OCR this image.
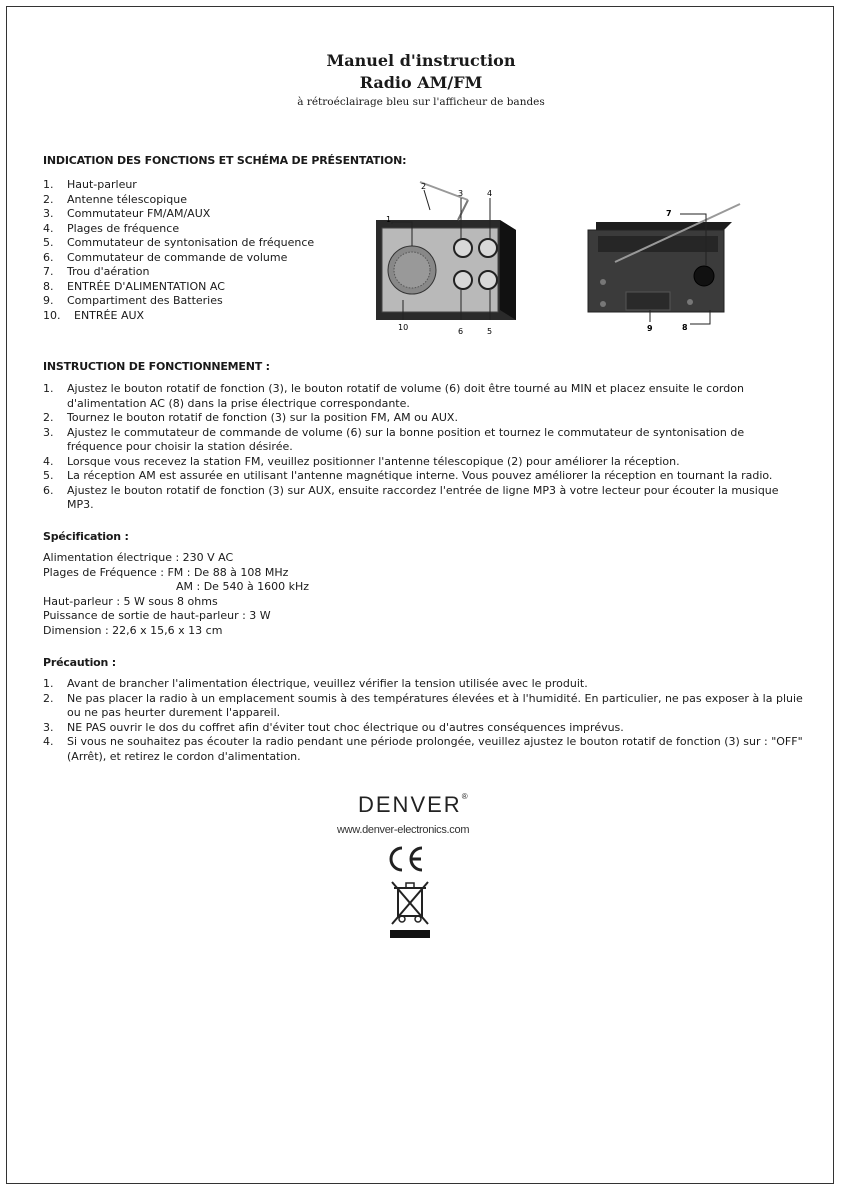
Manuel d'instruction

Radio AM/FM

à rétroéclairage bleu sur l'afficheur de bandes
INDICATION DES FONCTIONS ET SCHÉMA DE PRÉSENTATION:
1.	Haut-parleur
2.	Antenne télescopique
3.	Commutateur FM/AM/AUX
4.	Plages de fréquence
5.	Commutateur de syntonisation de fréquence
6.	Commutateur de commande de volume
7.	Trou d'aération
8.	ENTRÉE D'ALIMENTATION AC
9.	Compartiment des Batteries
10.	ENTRÉE AUX
1
2
3	4
5
6
10
7
8
9
INSTRUCTION DE FONCTIONNEMENT :
1.	Ajustez le bouton rotatif de fonction (3), le bouton rotatif de volume (6) doit être tourné au MIN et placez ensuite le cordon d'alimentation AC (8) dans la prise électrique correspondante.
2.	Tournez le bouton rotatif de fonction (3) sur la position FM, AM ou AUX.
3.	Ajustez le commutateur de commande de volume (6) sur la bonne position et tournez le commutateur de syntonisation de fréquence pour choisir la station désirée.
4.	Lorsque vous recevez la station FM, veuillez positionner l'antenne télescopique (2) pour améliorer la réception.
5.	La réception AM est assurée en utilisant l'antenne magnétique interne. Vous pouvez améliorer la réception en tournant la radio.
6.	Ajustez le bouton rotatif de fonction (3) sur AUX, ensuite raccordez l'entrée de ligne MP3 à votre lecteur pour écouter la musique MP3.
Spécification :
Alimentation électrique : 230 V AC
Plages de Fréquence : FM : De 88 à 108 MHz
AM : De 540 à 1600 kHz
Haut-parleur : 5 W sous 8 ohms
Puissance de sortie de haut-parleur : 3 W
Dimension : 22,6 x 15,6 x 13 cm
Précaution :
1.	Avant de brancher l'alimentation électrique, veuillez vérifier la tension utilisée avec le produit.
2.	Ne pas placer la radio à un emplacement soumis à des températures élevées et à l'humidité. En particulier, ne pas exposer à la pluie ou ne pas heurter durement l'appareil.
3.	NE PAS ouvrir le dos du coffret afin d'éviter tout choc électrique ou d'autres conséquences imprévus.
4.	Si vous ne souhaitez pas écouter la radio pendant une période prolongée, veuillez ajustez le bouton rotatif de fonction (3) sur : "OFF" (Arrêt), et retirez le cordon d'alimentation.
DENVER®
www.denver-electronics.com
